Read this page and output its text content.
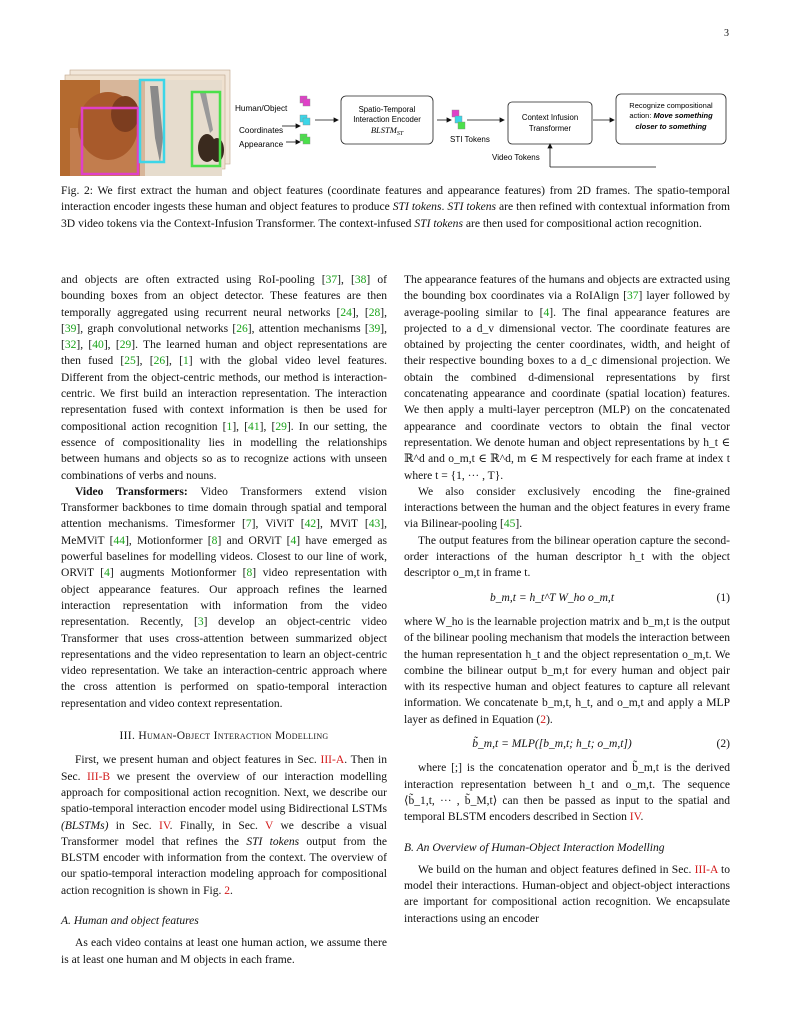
3
Human/Object
Coordinates
Appearance
Spatio-Temporal
Interaction Encoder
$BLSTM_{ST}$
STI Tokens
Context Infusion
Transformer
Recognize compositional
action: Move something
closer to something
Video Tokens
Fig. 2: We first extract the human and object features (coordinate features and appearance features) from 2D frames. The spatio-temporal interaction encoder ingests these human and object features to produce STI tokens. STI tokens are then refined with contextual information from 3D video tokens via the Context-Infusion Transformer. The context-infused STI tokens are then used for compositional action recognition.

and objects are often extracted using RoI-pooling [37], [38] of bounding boxes from an object detector. These features are then temporally aggregated using recurrent neural networks [24], [28], [39], graph convolutional networks [26], attention mechanisms [39], [32], [40], [29]. The learned human and object representations are then fused [25], [26], [1] with the global video level features. Different from the object-centric methods, our method is interaction-centric. We first build an interaction representation. The interaction representation fused with context information is then be used for compositional action recognition [1], [41], [29]. In our setting, the essence of compositionality lies in modelling the relationships between humans and objects so as to recognize actions with unseen combinations of verbs and nouns.

Video Transformers: Video Transformers extend vision Transformer backbones to time domain through spatial and temporal attention mechanisms. Timesformer [7], ViViT [42], MViT [43], MeMViT [44], Motionformer [8] and ORViT [4] have emerged as powerful baselines for modelling videos. Closest to our line of work, ORViT [4] augments Motionformer [8] video representation with object appearance features. Our approach refines the learned interaction representation with information from the video representation. Recently, [3] develop an object-centric video Transformer that uses cross-attention between summarized object representations and the video representation to learn an object-centric video representation. We take an interaction-centric approach where the cross attention is performed on spatio-temporal interaction representation and video context representation.

III. Human-Object Interaction Modelling

First, we present human and object features in Sec. III-A. Then in Sec. III-B we present the overview of our interaction modelling approach for compositional action recognition. Next, we describe our spatio-temporal interaction encoder model using Bidirectional LSTMs (BLSTMs) in Sec. IV. Finally, in Sec. V we describe a visual Transformer model that refines the STI tokens output from the BLSTM encoder with information from the context. The overview of our spatio-temporal interaction modeling approach for compositional action recognition is shown in Fig. 2.

A. Human and object features

As each video contains at least one human action, we assume there is at least one human and M objects in each frame.

The appearance features of the humans and objects are extracted using the bounding box coordinates via a RoIAlign [37] layer followed by average-pooling similar to [4]. The final appearance features are projected to a d_v dimensional vector. The coordinate features are obtained by projecting the center coordinates, width, and height of their respective bounding boxes to a d_c dimensional projection. We obtain the combined d-dimensional representations by first concatenating appearance and coordinate (spatial location) features. We then apply a multi-layer perceptron (MLP) on the concatenated appearance and coordinate vectors to obtain the final vector representation. We denote human and object representations by h_t ∈ ℝ^d and o_m,t ∈ ℝ^d, m ∈ M respectively for each frame at index t where t = {1, ··· , T}.

We also consider exclusively encoding the fine-grained interactions between the human and the object features in every frame via Bilinear-pooling [45].

The output features from the bilinear operation capture the second-order interactions of the human descriptor h_t with the object descriptor o_m,t in frame t.

b_m,t = h_t^T W_ho o_m,t	(1)

where W_ho is the learnable projection matrix and b_m,t is the output of the bilinear pooling mechanism that models the interaction between the human representation h_t and the object representation o_m,t. We combine the bilinear output b_m,t for every human and object pair with its respective human and object features to capture all relevant information. We concatenate b_m,t, h_t, and o_m,t and apply a MLP layer as defined in Equation (2).

b̃_m,t = MLP([b_m,t; h_t; o_m,t])	(2)

where [;] is the concatenation operator and b̃_m,t is the derived interaction representation between h_t and o_m,t. The sequence ⟨b̃_1,t, ··· , b̃_M,t⟩ can then be passed as input to the spatial and temporal BLSTM encoders described in Section IV.

B. An Overview of Human-Object Interaction Modelling

We build on the human and object features defined in Sec. III-A to model their interactions. Human-object and object-object interactions are important for compositional action recognition. We encapsulate interactions using an encoder
